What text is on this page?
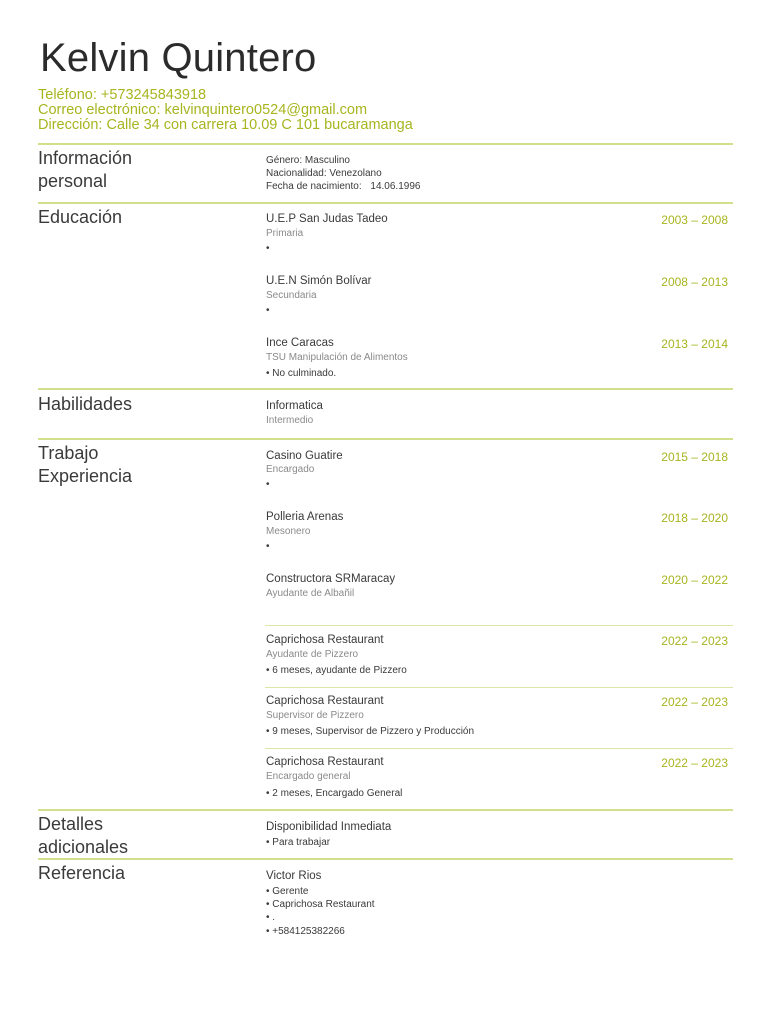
Kelvin Quintero
Teléfono: +573245843918
Correo electrónico: kelvinquintero0524@gmail.com
Dirección: Calle 34 con carrera 10.09 C 101 bucaramanga
Información
personal
Género: Masculino
Nacionalidad: Venezolano
Fecha de nacimiento: 14.06.1996
Educación	U.E.P San Judas Tadeo	2003 – 2008
Primaria
•
U.E.N Simón Bolívar	2008 – 2013
Secundaria
•
Ince Caracas	2013 – 2014
TSU Manipulación de Alimentos
• No culminado.
Habilidades	Informatica
Intermedio
Trabajo
Experiencia
Casino Guatire	2015 – 2018
Encargado
•
Polleria Arenas	2018 – 2020
Mesonero
•
Constructora SRMaracay	2020 – 2022
Ayudante de Albañil
Caprichosa Restaurant	2022 – 2023
Ayudante de Pizzero
• 6 meses, ayudante de Pizzero
Caprichosa Restaurant	2022 – 2023
Supervisor de Pizzero
• 9 meses, Supervisor de Pizzero y Producción
Caprichosa Restaurant	2022 – 2023
Encargado general
• 2 meses, Encargado General
Detalles
adicionales
Disponibilidad Inmediata
• Para trabajar
Referencia	Victor Rios
• Gerente
• Caprichosa Restaurant
• .
• +584125382266
